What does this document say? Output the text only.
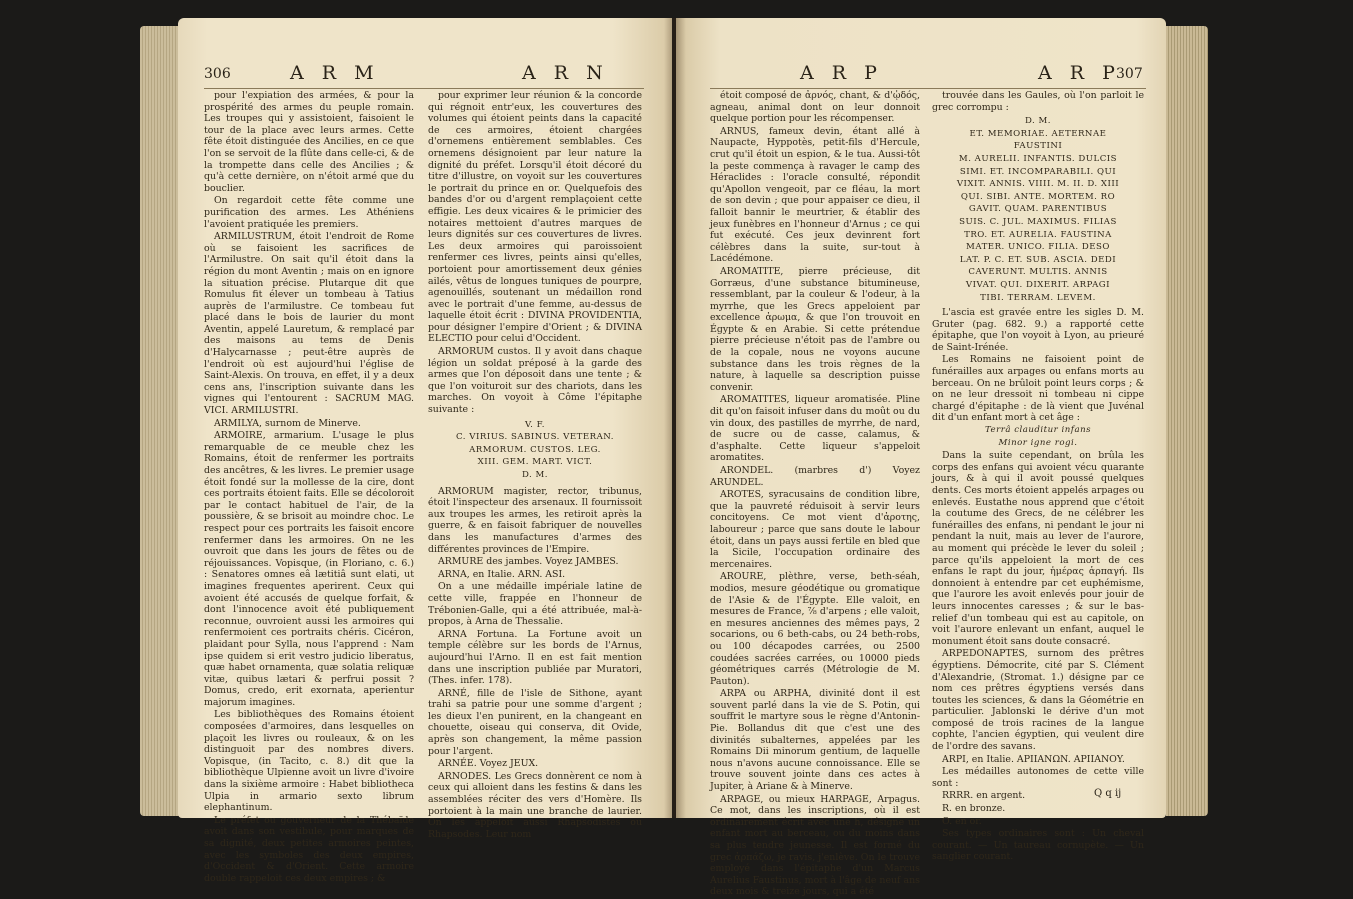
306	A R M	A R N

pour l'expiation des armées, & pour la prospérité des armes du peuple romain. Les troupes qui y assistoient, faisoient le tour de la place avec leurs armes. Cette fête étoit distinguée des Ancilies, en ce que l'on se servoit de la flûte dans celle-ci, & de la trompette dans celle des Ancilies ; & qu'à cette dernière, on n'étoit armé que du bouclier.

On regardoit cette fête comme une purification des armes. Les Athéniens l'avoient pratiquée les premiers.

ARMILUSTRUM, étoit l'endroit de Rome où se faisoient les sacrifices de l'Armilustre. On sait qu'il étoit dans la région du mont Aventin ; mais on en ignore la situation précise. Plutarque dit que Romulus fit élever un tombeau à Tatius auprès de l'armilustre. Ce tombeau fut placé dans le bois de laurier du mont Aventin, appelé Lauretum, & remplacé par des maisons au tems de Denis d'Halycarnasse ; peut-être auprès de l'endroit où est aujourd'hui l'église de Saint-Alexis. On trouva, en effet, il y a deux cens ans, l'inscription suivante dans les vignes qui l'entourent : SACRUM MAG. VICI. ARMILUSTRI.

ARMILYA, surnom de Minerve.

ARMOIRE, armarium. L'usage le plus remarquable de ce meuble chez les Romains, étoit de renfermer les portraits des ancêtres, & les livres. Le premier usage étoit fondé sur la mollesse de la cire, dont ces portraits étoient faits. Elle se décoloroit par le contact habituel de l'air, de la poussière, & se brisoit au moindre choc. Le respect pour ces portraits les faisoit encore renfermer dans les armoires. On ne les ouvroit que dans les jours de fêtes ou de réjouissances. Vopisque, (in Floriano, c. 6.) : Senatores omnes eâ lætitiâ sunt elati, ut imagines frequentes aperirent. Ceux qui avoient été accusés de quelque forfait, & dont l'innocence avoit été publiquement reconnue, ouvroient aussi les armoires qui renfermoient ces portraits chéris. Cicéron, plaidant pour Sylla, nous l'apprend : Nam ipse quidem si erit vestro judicio liberatus, quæ habet ornamenta, quæ solatia reliquæ vitæ, quibus lætari & perfrui possit ? Domus, credo, erit exornata, aperientur majorum imagines.

Les bibliothèques des Romains étoient composées d'armoires, dans lesquelles on plaçoit les livres ou rouleaux, & on les distinguoit par des nombres divers. Vopisque, (in Tacito, c. 8.) dit que la bibliothèque Ulpienne avoit un livre d'ivoire dans la sixième armoire : Habet bibliotheca Ulpia in armario sexto librum elephantinum.

Le préfet ou gouverneur de la Thébaïde avoit dans son vestibule, pour marques de sa dignité, deux petites armoires peintes, avec les symboles des deux empires, d'Occident & d'Orient. Cette armoire double rappeloit ces deux empires ; &

pour exprimer leur réunion & la concorde qui régnoit entr'eux, les couvertures des volumes qui étoient peints dans la capacité de ces armoires, étoient chargées d'ornemens entièrement semblables. Ces ornemens désignoient par leur nature la dignité du préfet. Lorsqu'il étoit décoré du titre d'illustre, on voyoit sur les couvertures le portrait du prince en or. Quelquefois des bandes d'or ou d'argent remplaçoient cette effigie. Les deux vicaires & le primicier des notaires mettoient d'autres marques de leurs dignités sur ces couvertures de livres. Les deux armoires qui paroissoient renfermer ces livres, peints ainsi qu'elles, portoient pour amortissement deux génies ailés, vêtus de longues tuniques de pourpre, agenouillés, soutenant un médaillon rond avec le portrait d'une femme, au-dessus de laquelle étoit écrit : DIVINA PROVIDENTIA, pour désigner l'empire d'Orient ; & DIVINA ELECTIO pour celui d'Occident.

ARMORUM custos. Il y avoit dans chaque légion un soldat préposé à la garde des armes que l'on déposoit dans une tente ; & que l'on voituroit sur des chariots, dans les marches. On voyoit à Côme l'épitaphe suivante :

V. F.

C. VIRIUS. SABINUS. VETERAN.

ARMORUM. CUSTOS. LEG.

XIII. GEM. MART. VICT.

D. M.

ARMORUM magister, rector, tribunus, étoit l'inspecteur des arsenaux. Il fournissoit aux troupes les armes, les retiroit après la guerre, & en faisoit fabriquer de nouvelles dans les manufactures d'armes des différentes provinces de l'Empire.

ARMURE des jambes. Voyez JAMBES.

ARNA, en Italie. ARN. ASI.

On a une médaille impériale latine de cette ville, frappée en l'honneur de Trébonien-Galle, qui a été attribuée, mal-à-propos, à Arna de Thessalie.

ARNA Fortuna. La Fortune avoit un temple célèbre sur les bords de l'Arnus, aujourd'hui l'Arno. Il en est fait mention dans une inscription publiée par Muratori, (Thes. infer. 178).

ARNÉ, fille de l'isle de Sithone, ayant trahi sa patrie pour une somme d'argent ; les dieux l'en punirent, en la changeant en chouette, oiseau qui conserva, dit Ovide, après son changement, la même passion pour l'argent.

ARNÉE. Voyez JEUX.

ARNODES. Les Grecs donnèrent ce nom à ceux qui alloient dans les festins & dans les assemblées réciter des vers d'Homère. Ils portoient à la main une branche de laurier. On les appeloit aussi Rhapsodistes ou Rhapsodes. Leur nom

A R P	A R P
307

étoit composé de ἀρνός, chant, & d'ᾠδός, agneau, animal dont on leur donnoit quelque portion pour les récompenser.

ARNUS, fameux devin, étant allé à Naupacte, Hyppotès, petit-fils d'Hercule, crut qu'il étoit un espion, & le tua. Aussi-tôt la peste commença à ravager le camp des Héraclides : l'oracle consulté, répondit qu'Apollon vengeoit, par ce fléau, la mort de son devin ; que pour appaiser ce dieu, il falloit bannir le meurtrier, & établir des jeux funèbres en l'honneur d'Arnus ; ce qui fut exécuté. Ces jeux devinrent fort célèbres dans la suite, sur-tout à Lacédémone.

AROMATITE, pierre précieuse, dit Gorræus, d'une substance bitumineuse, ressemblant, par la couleur & l'odeur, à la myrrhe, que les Grecs appeloient par excellence ἀρωμα, & que l'on trouvoit en Égypte & en Arabie. Si cette prétendue pierre précieuse n'étoit pas de l'ambre ou de la copale, nous ne voyons aucune substance dans les trois règnes de la nature, à laquelle sa description puisse convenir.

AROMATITES, liqueur aromatisée. Pline dit qu'on faisoit infuser dans du moût ou du vin doux, des pastilles de myrrhe, de nard, de sucre ou de casse, calamus, & d'asphalte. Cette liqueur s'appeloit aromatites.

ARONDEL. (marbres d') Voyez ARUNDEL.

AROTES, syracusains de condition libre, que la pauvreté réduisoit à servir leurs concitoyens. Ce mot vient d'ἀροτης, laboureur ; parce que sans doute le labour étoit, dans un pays aussi fertile en bled que la Sicile, l'occupation ordinaire des mercenaires.

AROURE, plèthre, verse, beth-séah, modios, mesure géodétique ou gromatique de l'Asie & de l'Égypte. Elle valoit, en mesures de France, ⅞ d'arpens ; elle valoit, en mesures anciennes des mêmes pays, 2 socarions, ou 6 beth-cabs, ou 24 beth-robs, ou 100 décapodes carrées, ou 2500 coudées sacrées carrées, ou 10000 pieds géométriques carrés (Métrologie de M. Pauton).

ARPA ou ARPHA, divinité dont il est souvent parlé dans la vie de S. Potin, qui souffrit le martyre sous le règne d'Antonin-Pie. Bollandus dit que c'est une des divinités subalternes, appelées par les Romains Dii minorum gentium, de laquelle nous n'avons aucune connoissance. Elle se trouve souvent jointe dans ces actes à Jupiter, à Ariane & à Minerve.

ARPAGE, ou mieux HARPAGE, Arpagus. Ce mot, dans les inscriptions, où il est ordinairement écrit avec une h, désigne un enfant mort au berceau, ou du moins dans sa plus tendre jeunesse. Il est formé du grec ἁρπάζω, je ravis, j'enlève. On le trouve employé dans l'épitaphe d'un Marcus Aurelius Faustinus, mort à l'âge de neuf ans deux mois & treize jours, qui a été

trouvée dans les Gaules, où l'on parloit le grec corrompu :

D. M.

ET. MEMORIAE. AETERNAE

FAUSTINI

M. AURELII. INFANTIS. DULCIS

SIMI. ET. INCOMPARABILI. QUI

VIXIT. ANNIS. VIIII. M. II. D. XIII

QUI. SIBI. ANTE. MORTEM. RO

GAVIT. QUAM. PARENTIBUS

SUIS. C. JUL. MAXIMUS. FILIAS

TRO. ET. AURELIA. FAUSTINA

MATER. UNICO. FILIA. DESO

LAT. P. C. ET. SUB. ASCIA. DEDI

CAVERUNT. MULTIS. ANNIS

VIVAT. QUI. DIXERIT. ARPAGI

TIBI. TERRAM. LEVEM.

L'ascia est gravée entre les sigles D. M. Gruter (pag. 682. 9.) a rapporté cette épitaphe, que l'on voyoit à Lyon, au prieuré de Saint-Irénée.

Les Romains ne faisoient point de funérailles aux arpages ou enfans morts au berceau. On ne brûloit point leurs corps ; & on ne leur dressoit ni tombeau ni cippe chargé d'épitaphe : de là vient que Juvénal dit d'un enfant mort à cet âge :

Terrâ clauditur infans

Minor igne rogi.

Dans la suite cependant, on brûla les corps des enfans qui avoient vécu quarante jours, & à qui il avoit poussé quelques dents. Ces morts étoient appelés arpages ou enlevés. Eustathe nous apprend que c'étoit la coutume des Grecs, de ne célébrer les funérailles des enfans, ni pendant le jour ni pendant la nuit, mais au lever de l'aurore, au moment qui précède le lever du soleil ; parce qu'ils appeloient la mort de ces enfans le rapt du jour, ἡμέρας ἁρπαγή. Ils donnoient à entendre par cet euphémisme, que l'aurore les avoit enlevés pour jouir de leurs innocentes caresses ; & sur le bas-relief d'un tombeau qui est au capitole, on voit l'aurore enlevant un enfant, auquel le monument étoit sans doute consacré.

ARPEDONAPTES, surnom des prêtres égyptiens. Démocrite, cité par S. Clément d'Alexandrie, (Stromat. 1.) désigne par ce nom ces prêtres égyptiens versés dans toutes les sciences, & dans la Géométrie en particulier. Jablonski le dérive d'un mot composé de trois racines de la langue cophte, l'ancien égyptien, qui veulent dire de l'ordre des savans.

ARPI, en Italie. APIIANΩN. APIIANOY.

Les médailles autonomes de cette ville sont :

RRRR. en argent.

R. en bronze.

O. en or.

Ses types ordinaires sont : Un cheval courant. — Un taureau cornupète. — Un sanglier courant.

Q q ij
